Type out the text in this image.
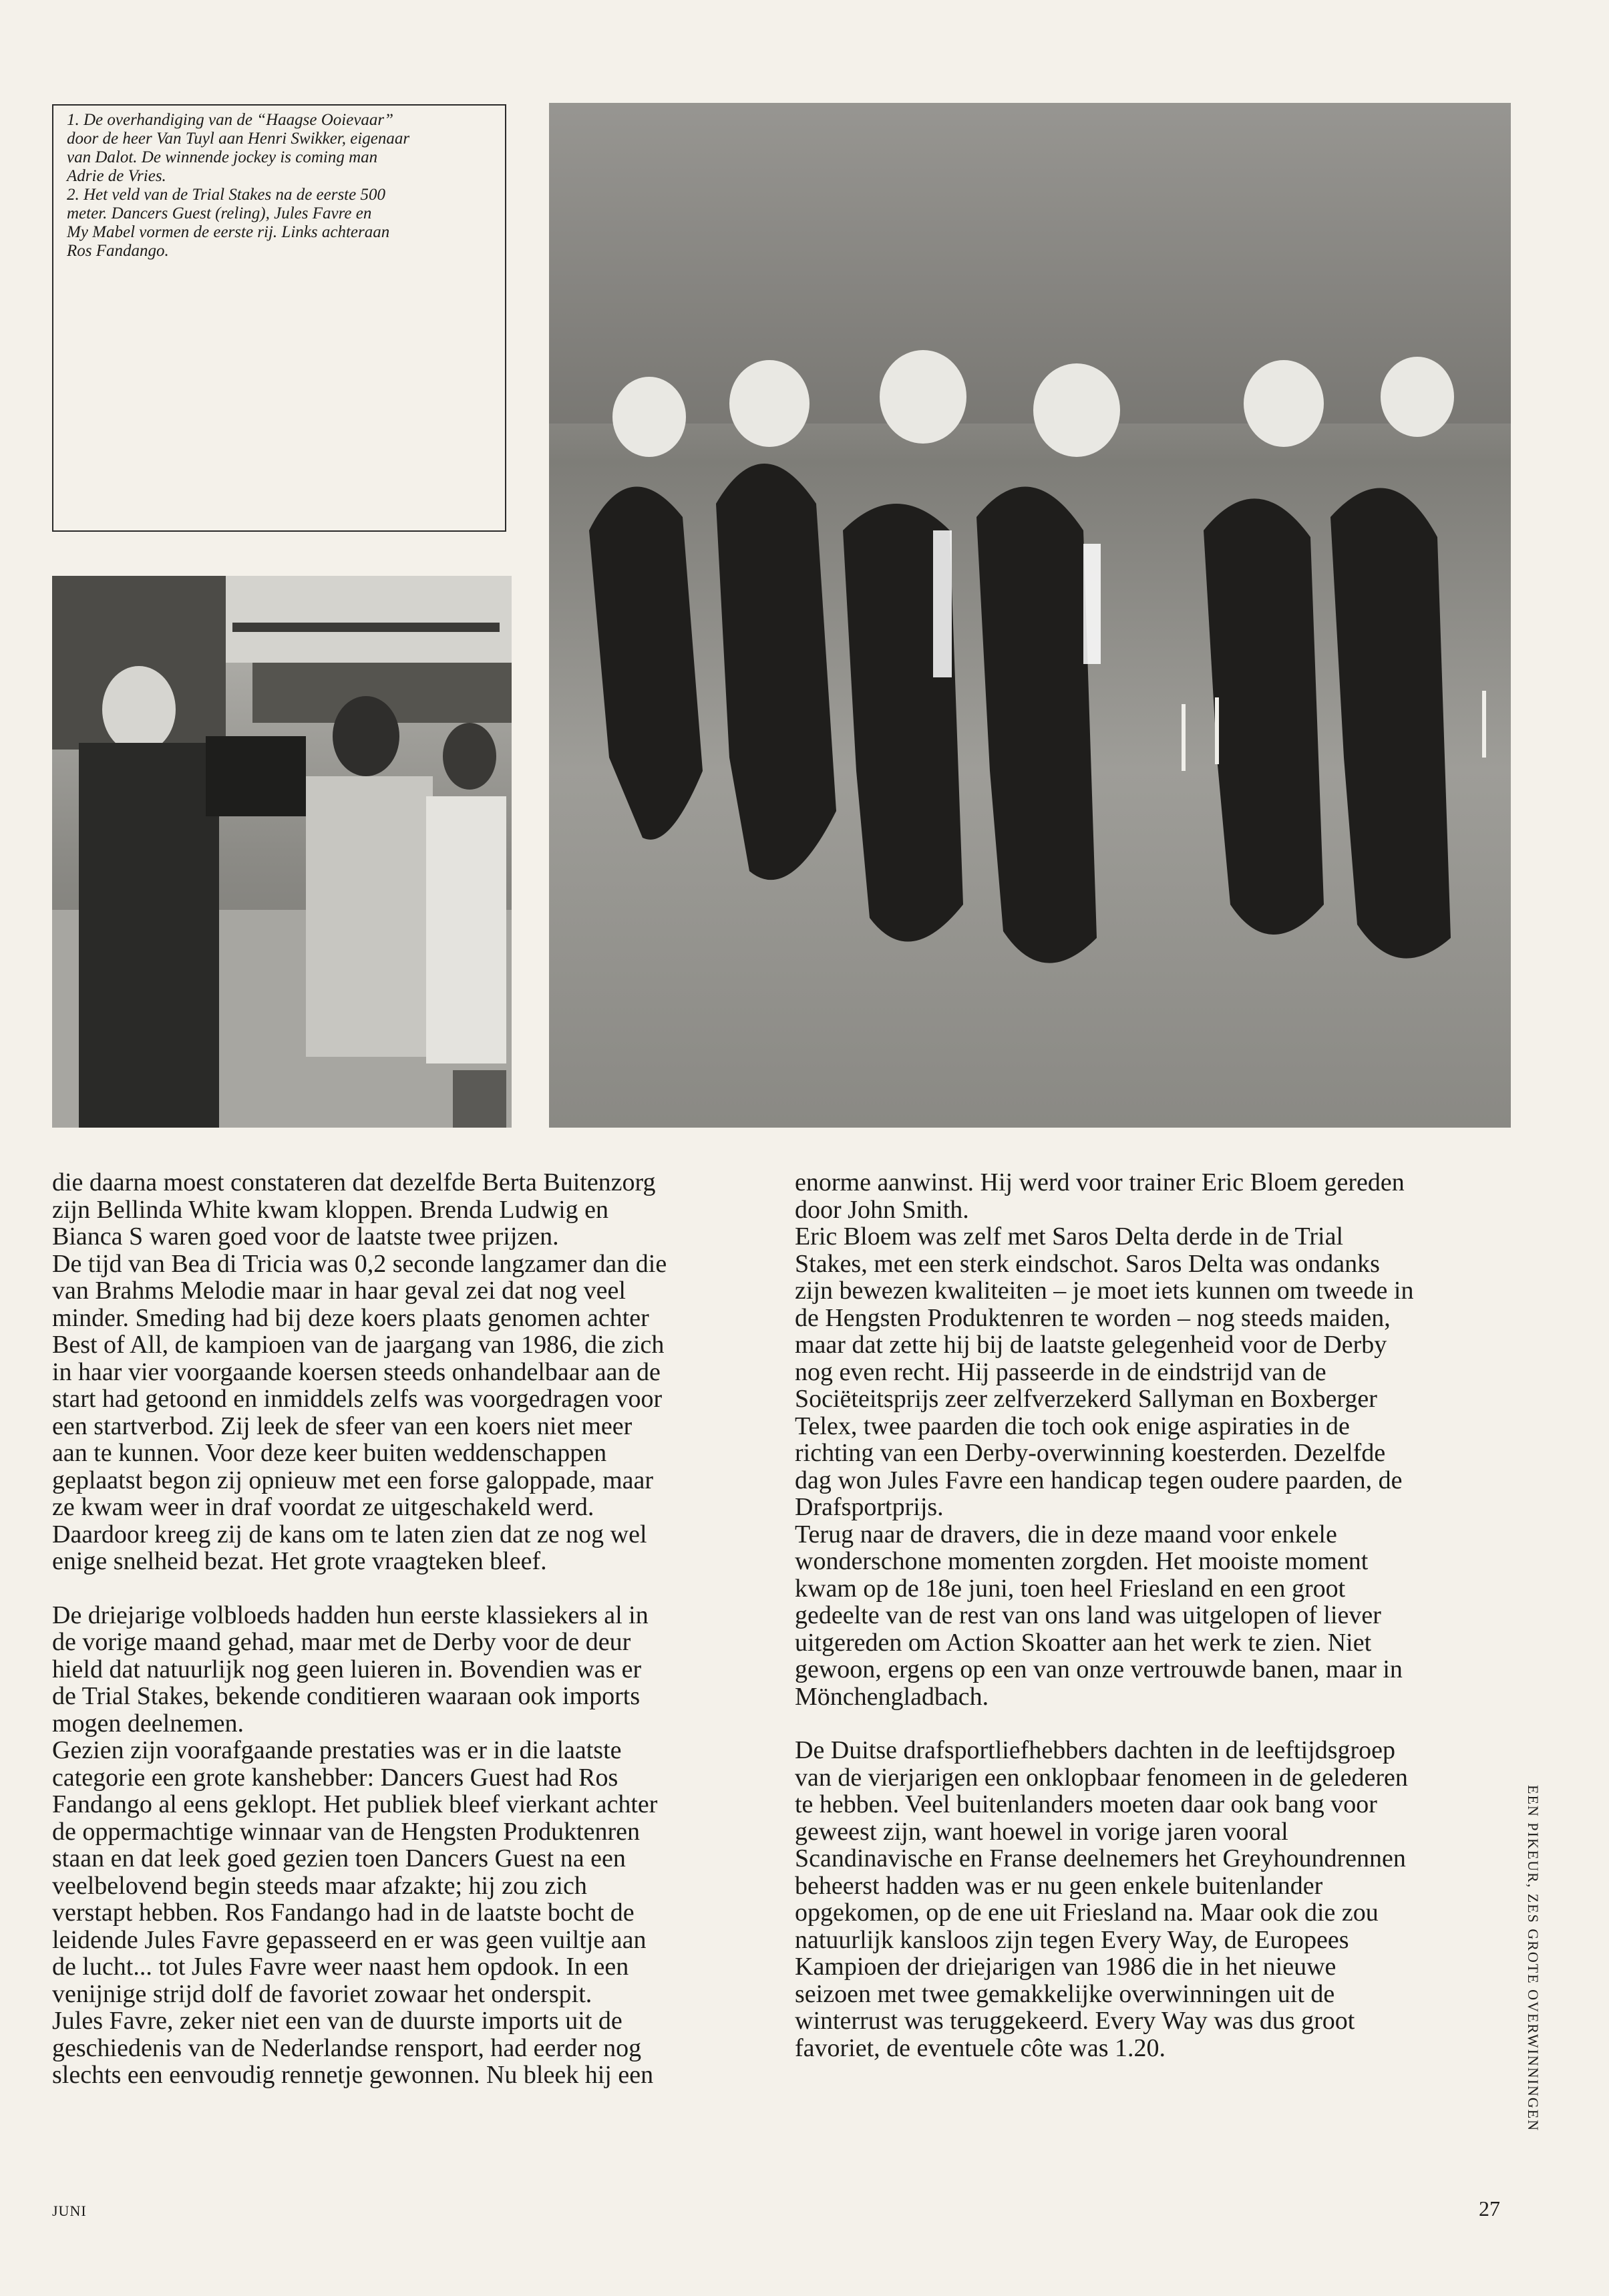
1. De overhandiging van de “Haagse Ooievaar”

door de heer Van Tuyl aan Henri Swikker, eigenaar

van Dalot. De winnende jockey is coming man

Adrie de Vries.

2. Het veld van de Trial Stakes na de eerste 500

meter. Dancers Guest (reling), Jules Favre en

My Mabel vormen de eerste rij. Links achteraan

Ros Fandango.

die daarna moest constateren dat dezelfde Berta Buitenzorg
zijn Bellinda White kwam kloppen. Brenda Ludwig en
Bianca S waren goed voor de laatste twee prijzen.
De tijd van Bea di Tricia was 0,2 seconde langzamer dan die
van Brahms Melodie maar in haar geval zei dat nog veel
minder. Smeding had bij deze koers plaats genomen achter
Best of All, de kampioen van de jaargang van 1986, die zich
in haar vier voorgaande koersen steeds onhandelbaar aan de
start had getoond en inmiddels zelfs was voorgedragen voor
een startverbod. Zij leek de sfeer van een koers niet meer
aan te kunnen. Voor deze keer buiten weddenschappen
geplaatst begon zij opnieuw met een forse galoppade, maar
ze kwam weer in draf voordat ze uitgeschakeld werd.
Daardoor kreeg zij de kans om te laten zien dat ze nog wel
enige snelheid bezat. Het grote vraagteken bleef.

De driejarige volbloeds hadden hun eerste klassiekers al in
de vorige maand gehad, maar met de Derby voor de deur
hield dat natuurlijk nog geen luieren in. Bovendien was er
de Trial Stakes, bekende conditieren waaraan ook imports
mogen deelnemen.
Gezien zijn voorafgaande prestaties was er in die laatste
categorie een grote kanshebber: Dancers Guest had Ros
Fandango al eens geklopt. Het publiek bleef vierkant achter
de oppermachtige winnaar van de Hengsten Produktenren
staan en dat leek goed gezien toen Dancers Guest na een
veelbelovend begin steeds maar afzakte; hij zou zich
verstapt hebben. Ros Fandango had in de laatste bocht de
leidende Jules Favre gepasseerd en er was geen vuiltje aan
de lucht... tot Jules Favre weer naast hem opdook. In een
venijnige strijd dolf de favoriet zowaar het onderspit.
Jules Favre, zeker niet een van de duurste imports uit de
geschiedenis van de Nederlandse rensport, had eerder nog
slechts een eenvoudig rennetje gewonnen. Nu bleek hij een

enorme aanwinst. Hij werd voor trainer Eric Bloem gereden
door John Smith.
Eric Bloem was zelf met Saros Delta derde in de Trial
Stakes, met een sterk eindschot. Saros Delta was ondanks
zijn bewezen kwaliteiten – je moet iets kunnen om tweede in
de Hengsten Produktenren te worden – nog steeds maiden,
maar dat zette hij bij de laatste gelegenheid voor de Derby
nog even recht. Hij passeerde in de eindstrijd van de
Sociëteitsprijs zeer zelfverzekerd Sallyman en Boxberger
Telex, twee paarden die toch ook enige aspiraties in de
richting van een Derby-overwinning koesterden. Dezelfde
dag won Jules Favre een handicap tegen oudere paarden, de
Drafsportprijs.
Terug naar de dravers, die in deze maand voor enkele
wonderschone momenten zorgden. Het mooiste moment
kwam op de 18e juni, toen heel Friesland en een groot
gedeelte van de rest van ons land was uitgelopen of liever
uitgereden om Action Skoatter aan het werk te zien. Niet
gewoon, ergens op een van onze vertrouwde banen, maar in
Mönchengladbach.

De Duitse drafsportliefhebbers dachten in de leeftijdsgroep
van de vierjarigen een onklopbaar fenomeen in de gelederen
te hebben. Veel buitenlanders moeten daar ook bang voor
geweest zijn, want hoewel in vorige jaren vooral
Scandinavische en Franse deelnemers het Greyhoundrennen
beheerst hadden was er nu geen enkele buitenlander
opgekomen, op de ene uit Friesland na. Maar ook die zou
natuurlijk kansloos zijn tegen Every Way, de Europees
Kampioen der driejarigen van 1986 die in het nieuwe
seizoen met twee gemakkelijke overwinningen uit de
winterrust was teruggekeerd. Every Way was dus groot
favoriet, de eventuele côte was 1.20.	EEN PIKEUR, ZES GROTE OVERWINNINGEN
JUNI	27
